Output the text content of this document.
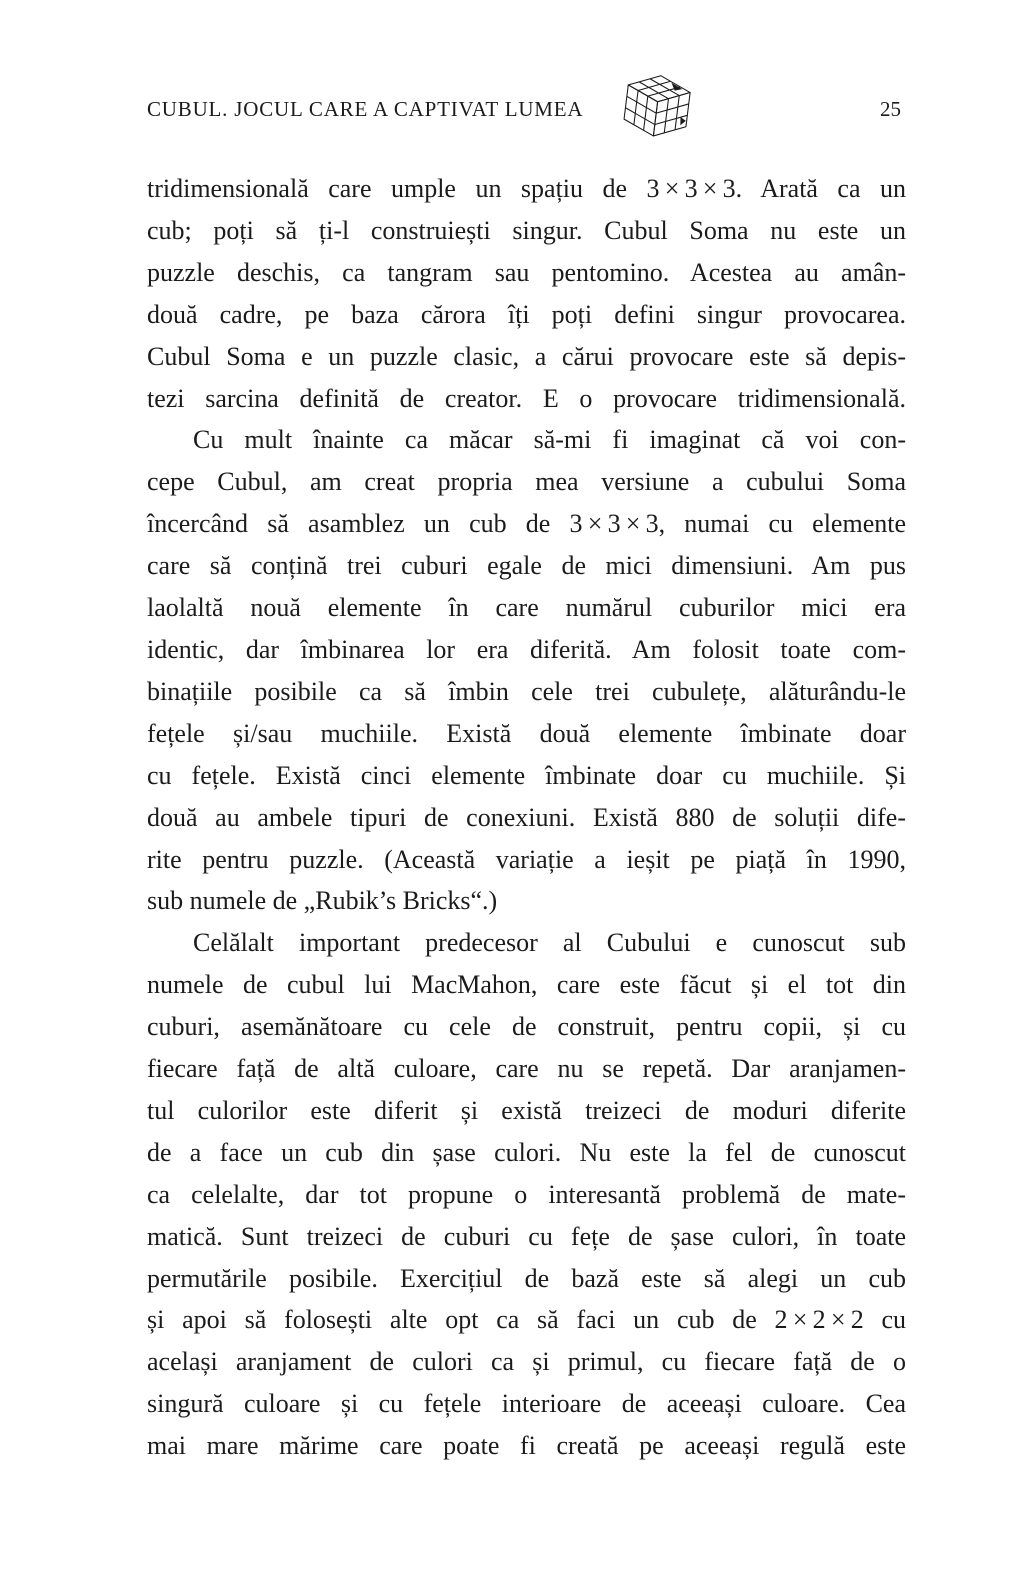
CUBUL. JOCUL CARE A CAPTIVAT LUMEA	25
tridimensională care umple un spațiu de 3 × 3 × 3. Arată ca un
cub; poți să ți-l construiești singur. Cubul Soma nu este un
puzzle deschis, ca tangram sau pentomino. Acestea au amân-
două cadre, pe baza cărora îți poți defini singur provocarea.
Cubul Soma e un puzzle clasic, a cărui provocare este să depis-
tezi sarcina definită de creator. E o provocare tridimensională.
Cu mult înainte ca măcar să-mi fi imaginat că voi con-
cepe Cubul, am creat propria mea versiune a cubului Soma
încercând să asamblez un cub de 3 × 3 × 3, numai cu elemente
care să conțină trei cuburi egale de mici dimensiuni. Am pus
laolaltă nouă elemente în care numărul cuburilor mici era
identic, dar îmbinarea lor era diferită. Am folosit toate com-
binațiile posibile ca să îmbin cele trei cubulețe, alăturându-le
fețele și/sau muchiile. Există două elemente îmbinate doar
cu fețele. Există cinci elemente îmbinate doar cu muchiile. Și
două au ambele tipuri de conexiuni. Există 880 de soluții dife-
rite pentru puzzle. (Această variație a ieșit pe piață în 1990,
sub numele de „Rubik’s Bricks“.)
Celălalt important predecesor al Cubului e cunoscut sub
numele de cubul lui MacMahon, care este făcut și el tot din
cuburi, asemănătoare cu cele de construit, pentru copii, și cu
fiecare față de altă culoare, care nu se repetă. Dar aranjamen-
tul culorilor este diferit și există treizeci de moduri diferite
de a face un cub din șase culori. Nu este la fel de cunoscut
ca celelalte, dar tot propune o interesantă problemă de mate-
matică. Sunt treizeci de cuburi cu fețe de șase culori, în toate
permutările posibile. Exercițiul de bază este să alegi un cub
și apoi să folosești alte opt ca să faci un cub de 2 × 2 × 2 cu
același aranjament de culori ca și primul, cu fiecare față de o
singură culoare și cu fețele interioare de aceeași culoare. Cea
mai mare mărime care poate fi creată pe aceeași regulă este
